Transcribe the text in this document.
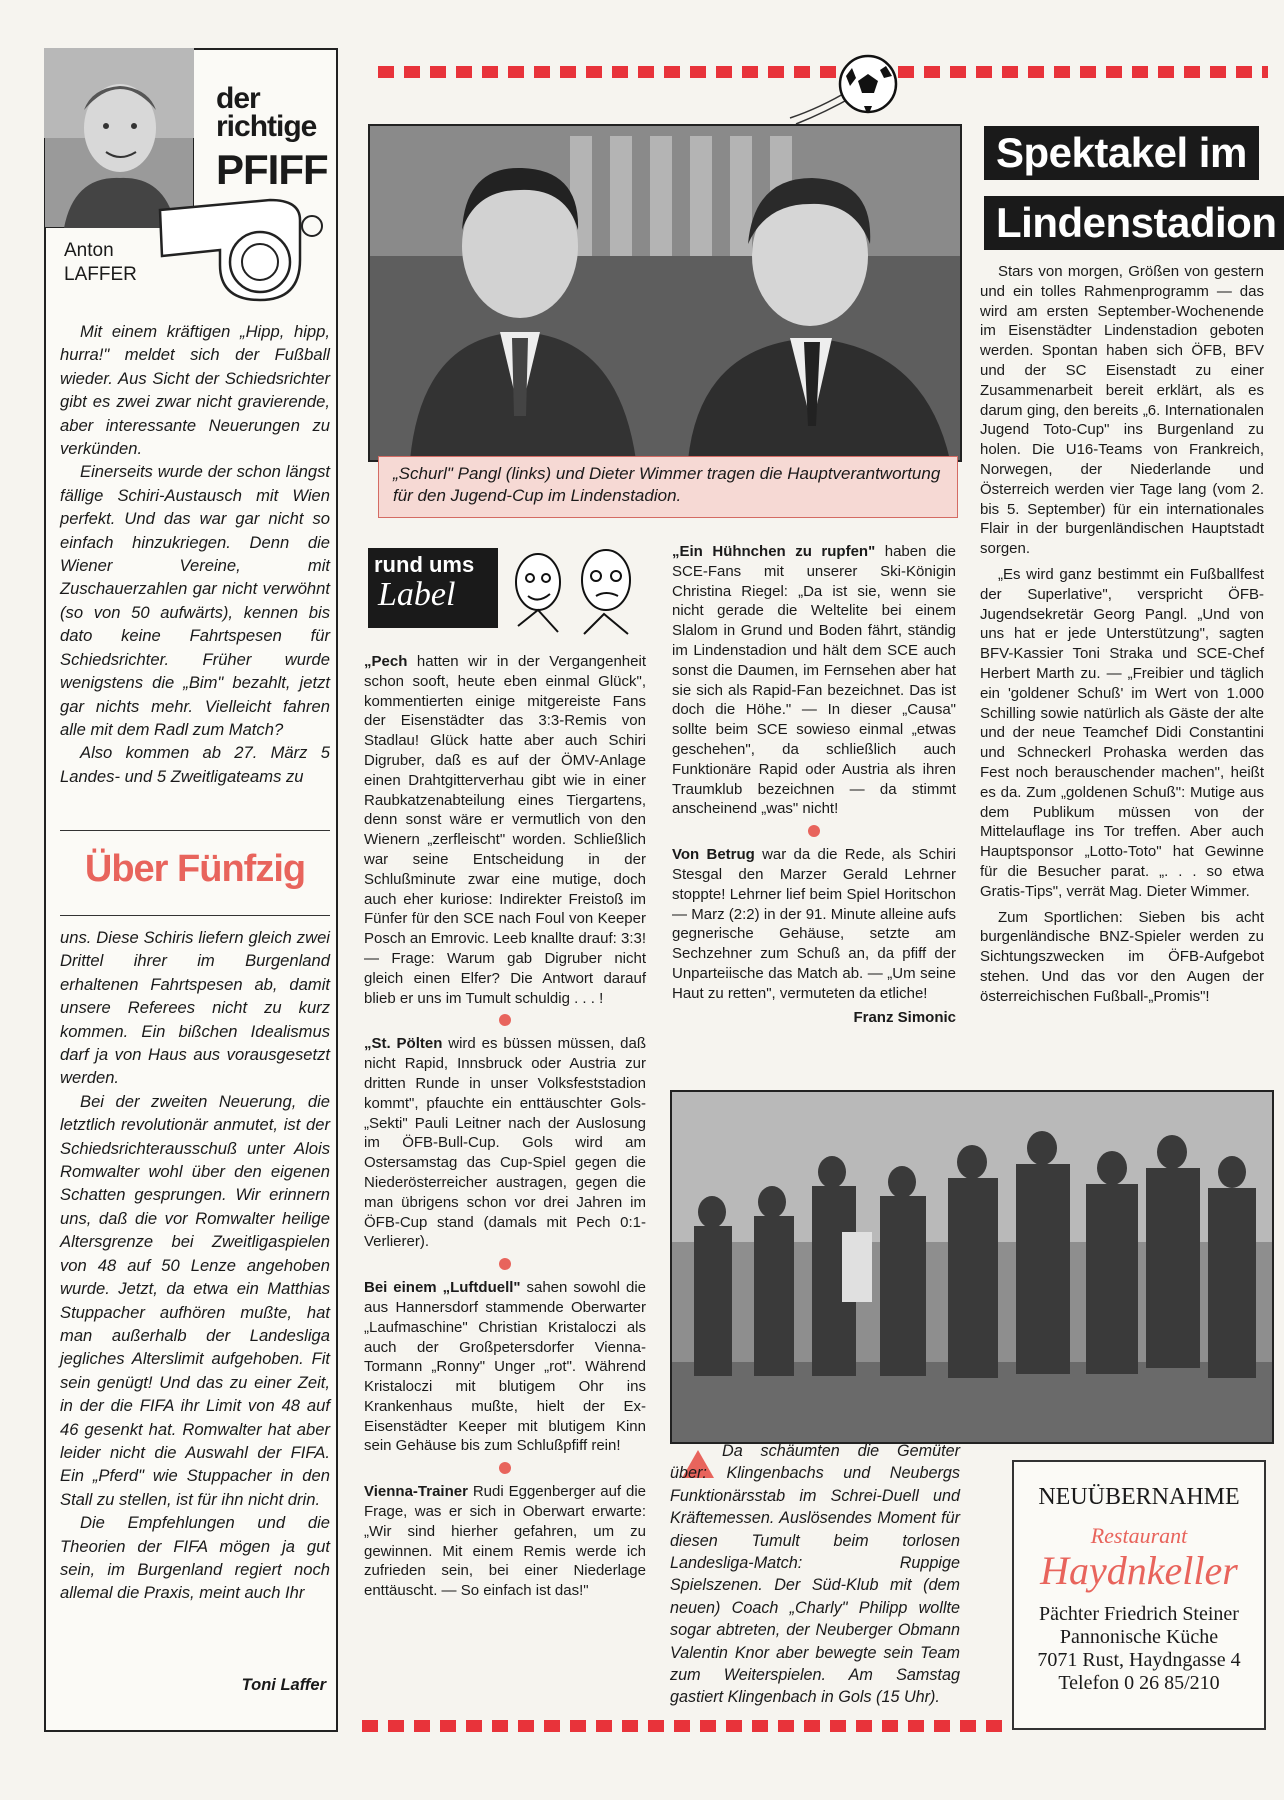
der
richtige
PFIFF
Anton
LAFFER

Mit einem kräftigen „Hipp, hipp, hurra!" meldet sich der Fußball wieder. Aus Sicht der Schiedsrichter gibt es zwei zwar nicht gravierende, aber interessante Neuerungen zu verkünden.

Einerseits wurde der schon längst fällige Schiri-Austausch mit Wien perfekt. Und das war gar nicht so einfach hinzukriegen. Denn die Wiener Vereine, mit Zuschauerzahlen gar nicht verwöhnt (so von 50 aufwärts), kennen bis dato keine Fahrtspesen für Schiedsrichter. Früher wurde wenigstens die „Bim" bezahlt, jetzt gar nichts mehr. Vielleicht fahren alle mit dem Radl zum Match?

Also kommen ab 27. März 5 Landes- und 5 Zweitligateams zu

Über Fünfzig

uns. Diese Schiris liefern gleich zwei Drittel ihrer im Burgenland erhaltenen Fahrtspesen ab, damit unsere Referees nicht zu kurz kommen. Ein bißchen Idealismus darf ja von Haus aus vorausgesetzt werden.

Bei der zweiten Neuerung, die letztlich revolutionär anmutet, ist der Schiedsrichterausschuß unter Alois Romwalter wohl über den eigenen Schatten gesprungen. Wir erinnern uns, daß die vor Romwalter heilige Altersgrenze bei Zweitligaspielen von 48 auf 50 Lenze angehoben wurde. Jetzt, da etwa ein Matthias Stuppacher aufhören mußte, hat man außerhalb der Landesliga jegliches Alterslimit aufgehoben. Fit sein genügt! Und das zu einer Zeit, in der die FIFA ihr Limit von 48 auf 46 gesenkt hat. Romwalter hat aber leider nicht die Auswahl der FIFA. Ein „Pferd" wie Stuppacher in den Stall zu stellen, ist für ihn nicht drin.

Die Empfehlungen und die Theorien der FIFA mögen ja gut sein, im Burgenland regiert noch allemal die Praxis, meint auch Ihr

Toni Laffer
„Schurl" Pangl (links) und Dieter Wimmer tragen die Hauptverantwortung für den Jugend-Cup im Lindenstadion.
rund ums
Label

„Pech hatten wir in der Vergangenheit schon sooft, heute eben einmal Glück", kommentierten einige mitgereiste Fans der Eisenstädter das 3:3-Remis von Stadlau! Glück hatte aber auch Schiri Digruber, daß es auf der ÖMV-Anlage einen Drahtgitterverhau gibt wie in einer Raubkatzenabteilung eines Tiergartens, denn sonst wäre er vermutlich von den Wienern „zerfleischt" worden. Schließlich war seine Entscheidung in der Schlußminute zwar eine mutige, doch auch eher kuriose: Indirekter Freistoß im Fünfer für den SCE nach Foul von Keeper Posch an Emrovic. Leeb knallte drauf: 3:3! — Frage: Warum gab Digruber nicht gleich einen Elfer? Die Antwort darauf blieb er uns im Tumult schuldig . . . !

„St. Pölten wird es büssen müssen, daß nicht Rapid, Innsbruck oder Austria zur dritten Runde in unser Volksfeststadion kommt", pfauchte ein enttäuschter Gols-„Sekti" Pauli Leitner nach der Auslosung im ÖFB-Bull-Cup. Gols wird am Ostersamstag das Cup-Spiel gegen die Niederösterreicher austragen, gegen die man übrigens schon vor drei Jahren im ÖFB-Cup stand (damals mit Pech 0:1-Verlierer).

Bei einem „Luftduell" sahen sowohl die aus Hannersdorf stammende Oberwarter „Laufmaschine" Christian Kristaloczi als auch der Großpetersdorfer Vienna-Tormann „Ronny" Unger „rot". Während Kristaloczi mit blutigem Ohr ins Krankenhaus mußte, hielt der Ex-Eisenstädter Keeper mit blutigem Kinn sein Gehäuse bis zum Schlußpfiff rein!

Vienna-Trainer Rudi Eggenberger auf die Frage, was er sich in Oberwart erwarte: „Wir sind hierher gefahren, um zu gewinnen. Mit einem Remis werde ich zufrieden sein, bei einer Niederlage enttäuscht. — So einfach ist das!"

„Ein Hühnchen zu rupfen" haben die SCE-Fans mit unserer Ski-Königin Christina Riegel: „Da ist sie, wenn sie nicht gerade die Weltelite bei einem Slalom in Grund und Boden fährt, ständig im Lindenstadion und hält dem SCE auch sonst die Daumen, im Fernsehen aber hat sie sich als Rapid-Fan bezeichnet. Das ist doch die Höhe." — In dieser „Causa" sollte beim SCE sowieso einmal „etwas geschehen", da schließlich auch Funktionäre Rapid oder Austria als ihren Traumklub bezeichnen — da stimmt anscheinend „was" nicht!

Von Betrug war da die Rede, als Schiri Stesgal den Marzer Gerald Lehrner stoppte! Lehrner lief beim Spiel Horitschon — Marz (2:2) in der 91. Minute alleine aufs gegnerische Gehäuse, setzte am Sechzehner zum Schuß an, da pfiff der Unparteiische das Match ab. — „Um seine Haut zu retten", vermuteten da etliche!

Franz Simonic

Da schäumten die Gemüter über: Klingenbachs und Neubergs Funktionärsstab im Schrei-Duell und Kräftemessen. Auslösendes Moment für diesen Tumult beim torlosen Landesliga-Match: Ruppige Spielszenen. Der Süd-Klub mit (dem neuen) Coach „Charly" Philipp wollte sogar abtreten, der Neuberger Obmann Valentin Knor aber bewegte sein Team zum Weiterspielen. Am Samstag gastiert Klingenbach in Gols (15 Uhr).

Spektakel im
Lindenstadion

Stars von morgen, Größen von gestern und ein tolles Rahmenprogramm — das wird am ersten September-Wochenende im Eisenstädter Lindenstadion geboten werden. Spontan haben sich ÖFB, BFV und der SC Eisenstadt zu einer Zusammenarbeit bereit erklärt, als es darum ging, den bereits „6. Internationalen Jugend Toto-Cup" ins Burgenland zu holen. Die U16-Teams von Frankreich, Norwegen, der Niederlande und Österreich werden vier Tage lang (vom 2. bis 5. September) für ein internationales Flair in der burgenländischen Hauptstadt sorgen.

„Es wird ganz bestimmt ein Fußballfest der Superlative", verspricht ÖFB-Jugendsekretär Georg Pangl. „Und von uns hat er jede Unterstützung", sagten BFV-Kassier Toni Straka und SCE-Chef Herbert Marth zu. — „Freibier und täglich ein 'goldener Schuß' im Wert von 1.000 Schilling sowie natürlich als Gäste der alte und der neue Teamchef Didi Constantini und Schneckerl Prohaska werden das Fest noch berauschender machen", heißt es da. Zum „goldenen Schuß": Mutige aus dem Publikum müssen von der Mittelauflage ins Tor treffen. Aber auch Hauptsponsor „Lotto-Toto" hat Gewinne für die Besucher parat. „. . . so etwa Gratis-Tips", verrät Mag. Dieter Wimmer.

Zum Sportlichen: Sieben bis acht burgenländische BNZ-Spieler werden zu Sichtungszwecken im ÖFB-Aufgebot stehen. Und das vor den Augen der österreichischen Fußball-„Promis"!

NEUÜBERNAHME
Restaurant
Haydnkeller
Pächter Friedrich Steiner
Pannonische Küche
7071 Rust, Haydngasse 4
Telefon 0 26 85/210
